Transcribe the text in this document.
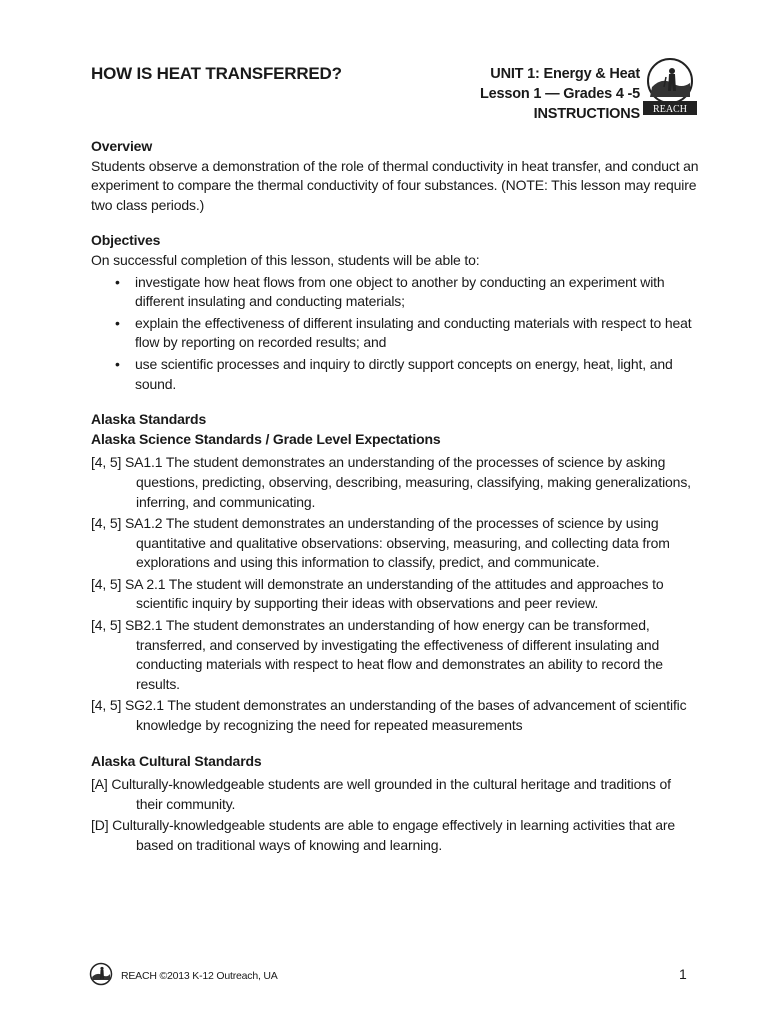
HOW IS HEAT TRANSFERRED?	UNIT 1: Energy & Heat
Lesson 1 — Grades 4 -5
INSTRUCTIONS REACH
Overview

Students observe a demonstration of the role of thermal conductivity in heat transfer, and conduct an experiment to compare the thermal conductivity of four substances. (NOTE: This lesson may require two class periods.)

Objectives

On successful completion of this lesson, students will be able to:

• investigate how heat flows from one object to another by conducting an experiment with different insulating and conducting materials;
• explain the effectiveness of different insulating and conducting materials with respect to heat flow by reporting on recorded results; and
• use scientific processes and inquiry to dirctly support concepts on energy, heat, light, and sound.
Alaska Standards
Alaska Science Standards / Grade Level Expectations

[4, 5] SA1.1 The student demonstrates an understanding of the processes of science by asking questions, predicting, observing, describing, measuring, classifying, making generalizations, inferring, and communicating.

[4, 5] SA1.2 The student demonstrates an understanding of the processes of science by using quantitative and qualitative observations: observing, measuring, and collecting data from explorations and using this information to classify, predict, and communicate.

[4, 5] SA 2.1 The student will demonstrate an understanding of the attitudes and approaches to scientific inquiry by supporting their ideas with observations and peer review.

[4, 5] SB2.1 The student demonstrates an understanding of how energy can be transformed, transferred, and conserved by investigating the effectiveness of different insulating and conducting materials with respect to heat flow and demonstrates an ability to record the results.

[4, 5] SG2.1 The student demonstrates an understanding of the bases of advancement of scientific knowledge by recognizing the need for repeated measurements

Alaska Cultural Standards

[A] Culturally-knowledgeable students are well grounded in the cultural heritage and traditions of their community.

[D] Culturally-knowledgeable students are able to engage effectively in learning activities that are based on traditional ways of knowing and learning.

REACH ©2013 K-12 Outreach, UA	1
